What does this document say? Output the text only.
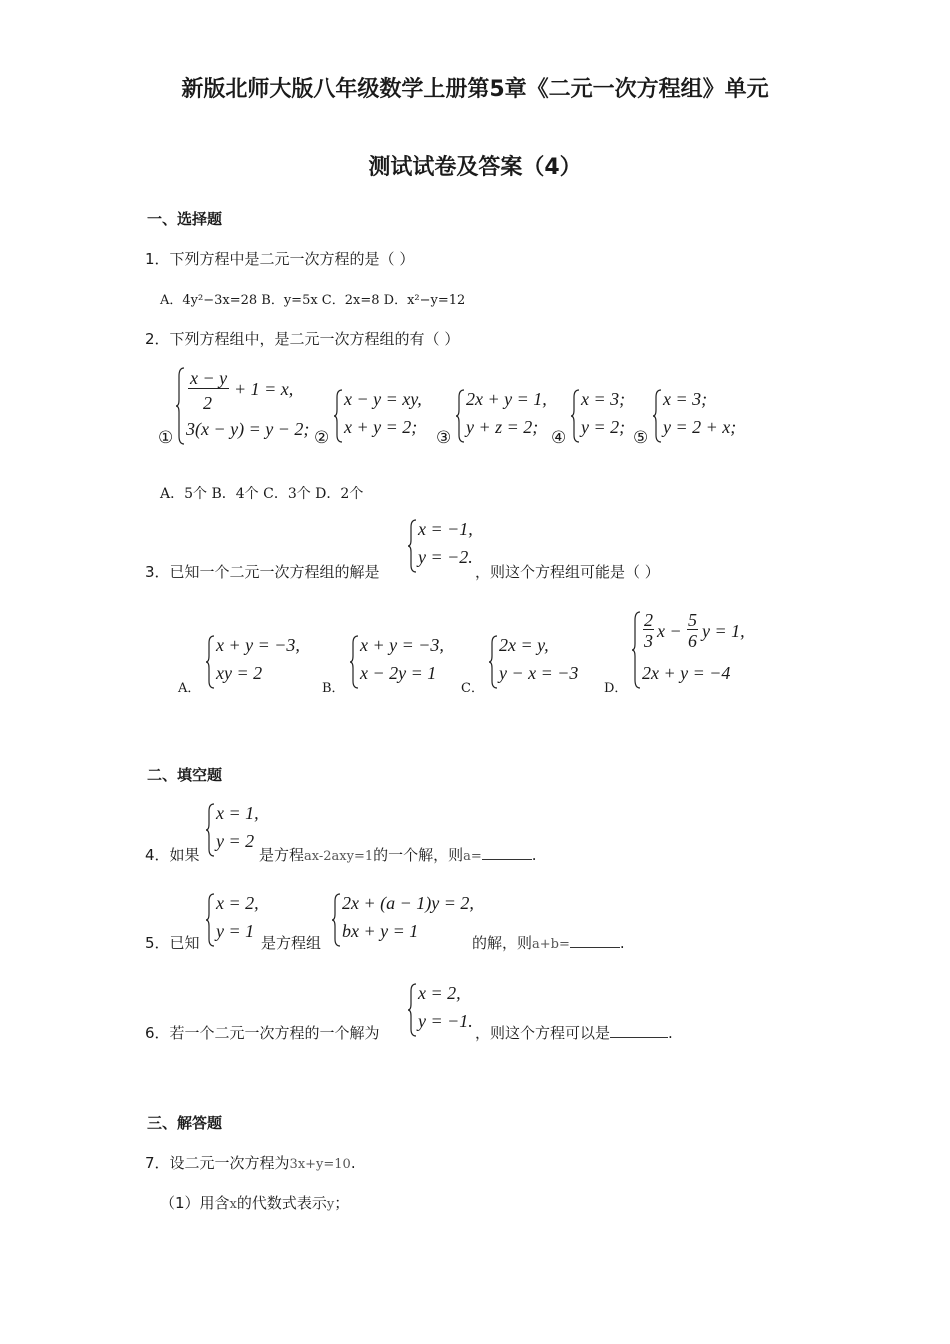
新版北师大版八年级数学上册第5章《二元一次方程组》单元
测试试卷及答案（4）
一、选择题
1．下列方程中是二元一次方程的是（ ）
A．4y²−3x=28 B．y=5x C．2x=8 D．x²−y=12
2．下列方程组中，是二元一次方程组的有（ ）
①
x − y
2
+ 1 = x,
3(x − y) = y − 2; ②
x − y = xy,
x + y = 2;
③
2x + y = 1,
y + z = 2;
④
x = 3;
y = 2;
⑤
x = 3;
y = 2 + x;
A．5个 B．4个 C．3个 D．2个
3．已知一个二元一次方程组的解是
x = −1,
y = −2.
，则这个方程组可能是（ ）
A．
x + y = −3,
xy = 2
B．
x + y = −3,
x − 2y = 1
C．
2x = y,
y − x = −3
D．
2
3 x −
5
6 y = 1,
2x + y = −4
二、填空题
4．如果
x = 1,
y = 2
是方程ax-2axy=1的一个解，则a=	.
5．已知
x = 2,
y = 1
是方程组
2x + (a − 1)y = 2,
bx + y = 1
的解，则a+b=	.
6．若一个二元一次方程的一个解为
x = 2,
y = −1.
，则这个方程可以是	.
三、解答题
7．设二元一次方程为3x+y=10.
（1）用含x的代数式表示y；
